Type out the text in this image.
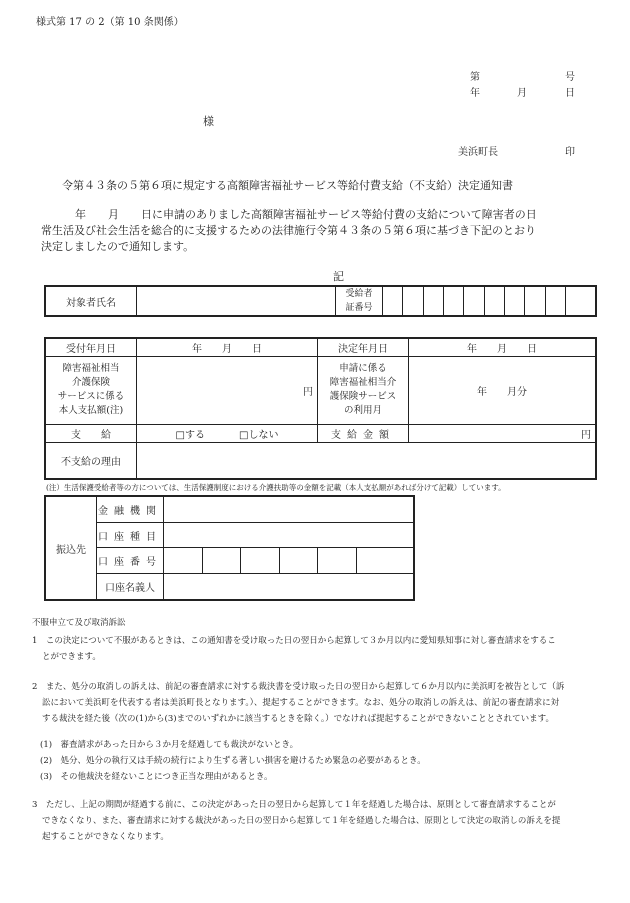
様式第 17 の 2（第 10 条関係）
第	号
年	月	日
様
美浜町長	印
令第４３条の５第６項に規定する高額障害福祉サービス等給付費支給（不支給）決定通知書
年　　月　　日に申請のありました高額障害福祉サービス等給付費の支給について障害者の日
常生活及び社会生活を総合的に支援するための法律施行令第４３条の５第６項に基づき下記のとおり
決定しましたので通知します。
記
対象者氏名		受給者
証番号										
受付年月日	年　　月　　日	決定年月日	年　　月　　日
障害福祉相当
介護保険
サービスに係る
本人支払額(注)	円	申請に係る
障害福祉相当介
護保険サービス
の利用月	年　　月分
支　　給	□する □しない	支給金額	円
不支給の理由			
(注）生活保護受給者等の方については、生活保護制度における介護扶助等の金額を記載（本人支払額があれば分けて記載）しています。
振込先	金融機関						
	口座種目						
	口座番号						
	口座名義人						

不服申立て及び取消訴訟

1　この決定について不服があるときは、この通知書を受け取った日の翌日から起算して３か月以内に愛知県知事に対し審査請求をするこ

とができます。

2　また、処分の取消しの訴えは、前記の審査請求に対する裁決書を受け取った日の翌日から起算して６か月以内に美浜町を被告として（訴

訟において美浜町を代表する者は美浜町長となります。）、提起することができます。なお、処分の取消しの訴えは、前記の審査請求に対

する裁決を経た後（次の(1)から(3)までのいずれかに該当するときを除く。）でなければ提起することができないこととされています。

(1)　審査請求があった日から３か月を経過しても裁決がないとき。

(2)　処分、処分の執行又は手続の続行により生ずる著しい損害を避けるため緊急の必要があるとき。

(3)　その他裁決を経ないことにつき正当な理由があるとき。

3　ただし、上記の期間が経過する前に、この決定があった日の翌日から起算して１年を経過した場合は、原則として審査請求することが

できなくなり、また、審査請求に対する裁決があった日の翌日から起算して１年を経過した場合は、原則として決定の取消しの訴えを提

起することができなくなります。
